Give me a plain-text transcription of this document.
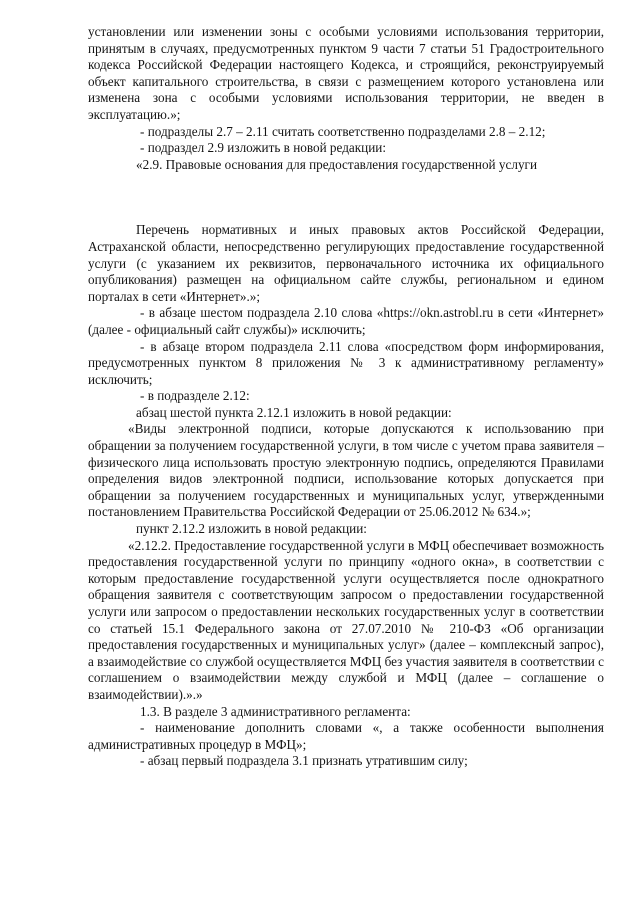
установлении или изменении зоны с особыми условиями использования территории, принятым в случаях, предусмотренных пунктом 9 части 7 статьи 51 Градостроительного кодекса Российской Федерации настоящего Кодекса, и строящийся, реконструируемый объект капитального строительства, в связи с размещением которого установлена или изменена зона с особыми условиями использования территории, не введен в эксплуатацию.»;

- подразделы 2.7 – 2.11 считать соответственно подразделами 2.8 – 2.12;

- подраздел 2.9 изложить в новой редакции:

«2.9. Правовые основания для предоставления государственной услуги

Перечень нормативных и иных правовых актов Российской Федерации, Астраханской области, непосредственно регулирующих предоставление государственной услуги (с указанием их реквизитов, первоначального источника их официального опубликования) размещен на официальном сайте службы, региональном и едином порталах в сети «Интернет».»;

- в абзаце шестом подраздела 2.10 слова «https://okn.astrobl.ru в сети «Интернет» (далее - официальный сайт службы)» исключить;

- в абзаце втором подраздела 2.11 слова «посредством форм информирования, предусмотренных пунктом 8 приложения № 3 к административному регламенту» исключить;

- в подразделе 2.12:

абзац шестой пункта 2.12.1 изложить в новой редакции:

«Виды электронной подписи, которые допускаются к использованию при обращении за получением государственной услуги, в том числе с учетом права заявителя – физического лица использовать простую электронную подпись, определяются Правилами определения видов электронной подписи, использование которых допускается при обращении за получением государственных и муниципальных услуг, утвержденными постановлением Правительства Российской Федерации от 25.06.2012 № 634.»;

пункт 2.12.2 изложить в новой редакции:

«2.12.2. Предоставление государственной услуги в МФЦ обеспечивает возможность предоставления государственной услуги по принципу «одного окна», в соответствии с которым предоставление государственной услуги осуществляется после однократного обращения заявителя с соответствующим запросом о предоставлении государственной услуги или запросом о предоставлении нескольких государственных услуг в соответствии со статьей 15.1 Федерального закона от 27.07.2010 № 210-ФЗ «Об организации предоставления государственных и муниципальных услуг» (далее – комплексный запрос), а взаимодействие со службой осуществляется МФЦ без участия заявителя в соответствии с соглашением о взаимодействии между службой и МФЦ (далее – соглашение о взаимодействии).».»

1.3. В разделе 3 административного регламента:

- наименование дополнить словами «, а также особенности выполнения административных процедур в МФЦ»;

- абзац первый подраздела 3.1 признать утратившим силу;
